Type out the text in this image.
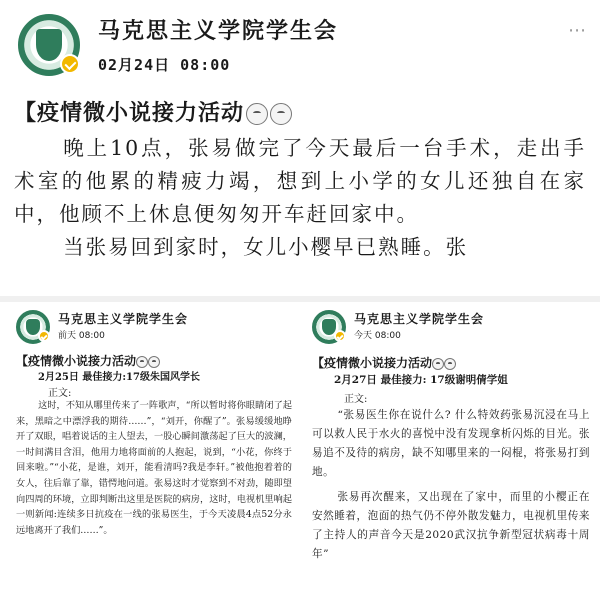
马克思主义学院学生会
02月24日 08:00
⋯
【疫情微小说接力活动

晚上10点，张易做完了今天最后一台手术，走出手术室的他累的精疲力竭，想到上小学的女儿还独自在家中，他顾不上休息便匆匆开车赶回家中。

当张易回到家时，女儿小樱早已熟睡。张

马克思主义学院学生会
前天 08:00
【疫情微小说接力活动
2月25日 最佳接力:17级朱国风学长
正文:

这时，不知从哪里传来了一阵歌声，“所以暂时将你眼睛闭了起来，黑暗之中漂浮我的期待……”，“刘开，你醒了”。张易缓缓地睁开了双眼，唱着说话的主人望去，一股心瞬间激荡起了巨大的波澜，一时间满目含泪，他用力地将面前的人抱起，说到，“小花，你终于回来啦。”“小花，是谁，刘开，能看清吗?我是李轩。”被他抱着着的女人，往后靠了靠，错愕地问道。张易这时才觉察到不对劲，随即望向四周的环境，立即判断出这里是医院的病房，这时，电视机里响起一则新闻:连续多日抗疫在一线的张易医生，于今天凌晨4点52分永远地离开了我们……”。

马克思主义学院学生会
今天 08:00
【疫情微小说接力活动
2月27日 最佳接力: 17级谢明倩学姐
正文:

“张易医生你在说什么? 什么特效药张易沉浸在马上可以救人民于水火的喜悦中没有发现拿析闪烁的目光。张易追不及待的病房，缺不知哪里来的一闷棍，将张易打到地。

张易再次醒来，又出现在了家中，而里的小樱正在安然睡着，泡面的热气仍不停外散发魅力，电视机里传来了主持人的声音今天是2020武汉抗争新型冠状病毒十周年”
